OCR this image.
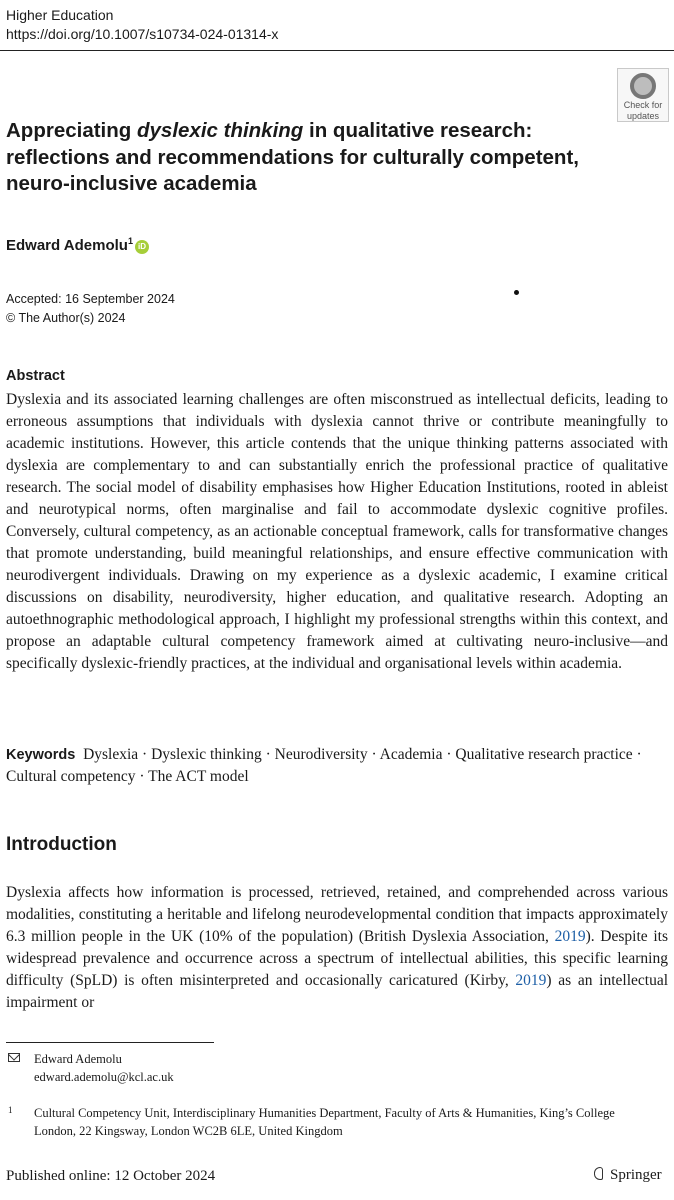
Higher Education
https://doi.org/10.1007/s10734-024-01314-x
Check for
updates
Appreciating dyslexic thinking in qualitative research: reflections and recommendations for culturally competent, neuro-inclusive academia
Edward Ademolu$^1$iD
Accepted: 16 September 2024
© The Author(s) 2024
Abstract

Dyslexia and its associated learning challenges are often misconstrued as intellectual deficits, leading to erroneous assumptions that individuals with dyslexia cannot thrive or contribute meaningfully to academic institutions. However, this article contends that the unique thinking patterns associated with dyslexia are complementary to and can substantially enrich the professional practice of qualitative research. The social model of disability emphasises how Higher Education Institutions, rooted in ableist and neurotypical norms, often marginalise and fail to accommodate dyslexic cognitive profiles. Conversely, cultural competency, as an actionable conceptual framework, calls for transformative changes that promote understanding, build meaningful relationships, and ensure effective communication with neurodivergent individuals. Drawing on my experience as a dyslexic academic, I examine critical discussions on disability, neurodiversity, higher education, and qualitative research. Adopting an autoethnographic methodological approach, I highlight my professional strengths within this context, and propose an adaptable cultural competency framework aimed at cultivating neuro-inclusive—and specifically dyslexic-friendly practices, at the individual and organisational levels within academia.

Keywords Dyslexia · Dyslexic thinking · Neurodiversity · Academia · Qualitative research practice · Cultural competency · The ACT model

Introduction

Dyslexia affects how information is processed, retrieved, retained, and comprehended across various modalities, constituting a heritable and lifelong neurodevelopmental condition that impacts approximately 6.3 million people in the UK (10% of the population) (British Dyslexia Association, 2019). Despite its widespread prevalence and occurrence across a spectrum of intellectual abilities, this specific learning difficulty (SpLD) is often misinterpreted and occasionally caricatured (Kirby, 2019) as an intellectual impairment or

Edward Ademolu
edward.ademolu@kcl.ac.uk
1 Cultural Competency Unit, Interdisciplinary Humanities Department, Faculty of Arts & Humanities, King’s College London, 22 Kingsway, London WC2B 6LE, United Kingdom
Published online: 12 October 2024	Springer
